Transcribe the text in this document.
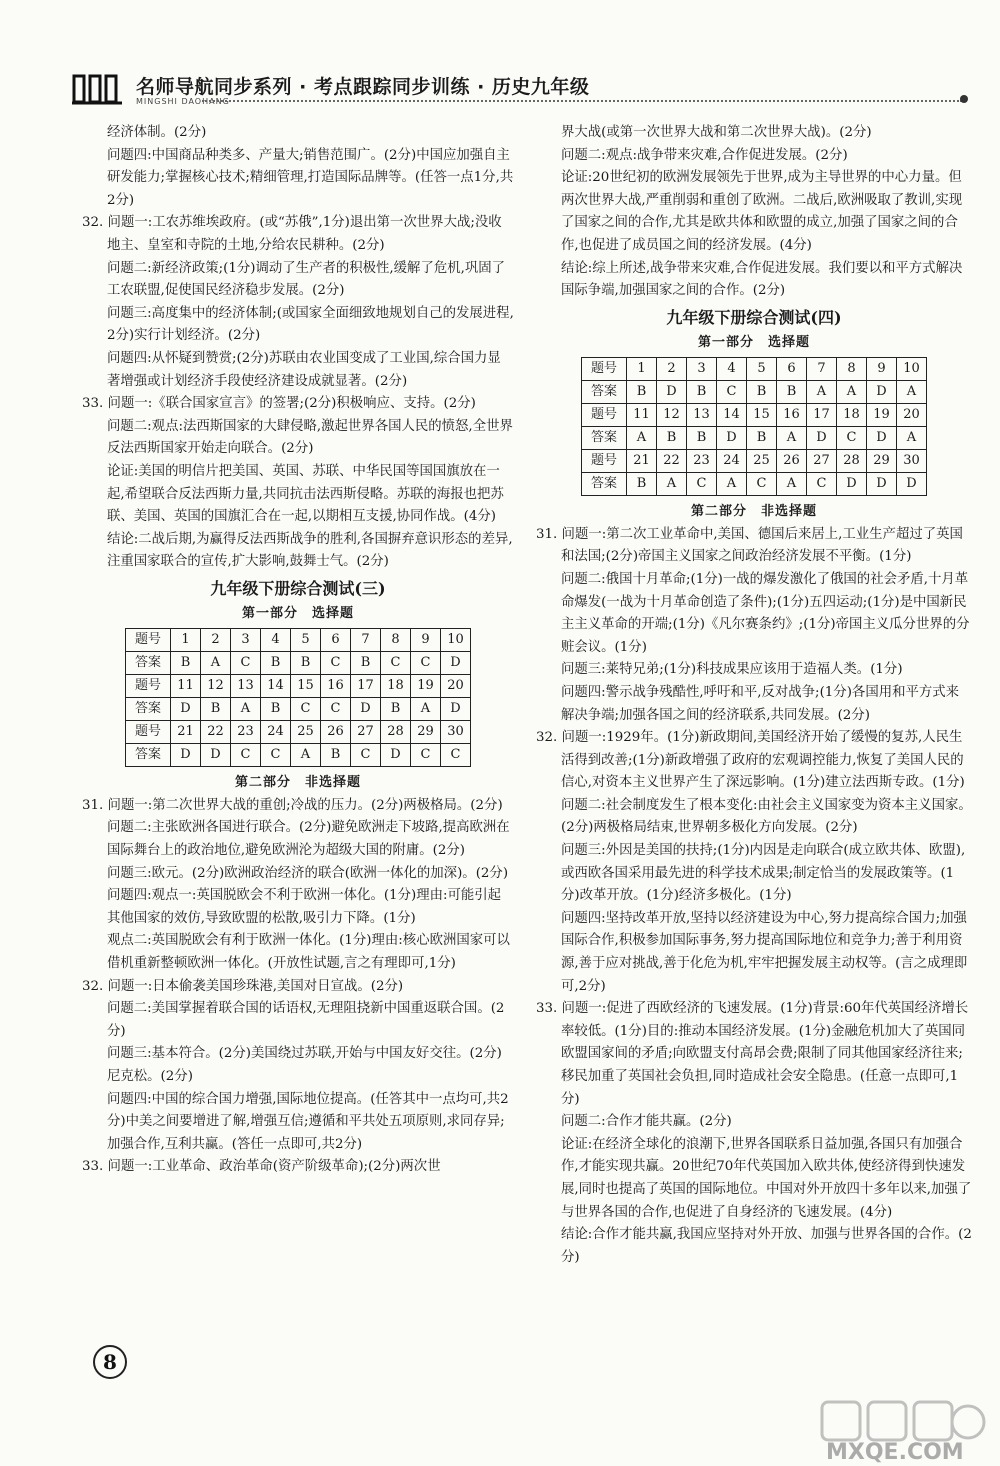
名师导航同步系列 · 考点跟踪同步训练 · 历史九年级
MINGSHI DAOHANG

经济体制。(2分)

问题四:中国商品种类多、产量大;销售范围广。(2分)中国应加强自主研发能力;掌握核心技术;精细管理,打造国际品牌等。(任答一点1分,共2分)

32. 问题一:工农苏维埃政府。(或“苏俄”,1分)退出第一次世界大战;没收地主、皇室和寺院的土地,分给农民耕种。(2分)

问题二:新经济政策;(1分)调动了生产者的积极性,缓解了危机,巩固了工农联盟,促使国民经济稳步发展。(2分)

问题三:高度集中的经济体制;(或国家全面细致地规划自己的发展进程,2分)实行计划经济。(2分)

问题四:从怀疑到赞赏;(2分)苏联由农业国变成了工业国,综合国力显著增强或计划经济手段使经济建设成就显著。(2分)

33. 问题一:《联合国家宣言》的签署;(2分)积极响应、支持。(2分)

问题二:观点:法西斯国家的大肆侵略,激起世界各国人民的愤怒,全世界反法西斯国家开始走向联合。(2分)

论证:美国的明信片把美国、英国、苏联、中华民国等国国旗放在一起,希望联合反法西斯力量,共同抗击法西斯侵略。苏联的海报也把苏联、美国、英国的国旗汇合在一起,以期相互支援,协同作战。(4分)

结论:二战后期,为赢得反法西斯战争的胜利,各国摒弃意识形态的差异,注重国家联合的宣传,扩大影响,鼓舞士气。(2分)

九年级下册综合测试(三)
第一部分　选择题
题号	1	2	3	4	5	6	7	8	9	10
答案	B	A	C	B	B	C	B	C	C	D
题号	11	12	13	14	15	16	17	18	19	20
答案	D	B	A	B	C	C	D	B	A	D
题号	21	22	23	24	25	26	27	28	29	30
答案	D	D	C	C	A	B	C	D	C	C
第二部分　非选择题

31. 问题一:第二次世界大战的重创;冷战的压力。(2分)两极格局。(2分)

问题二:主张欧洲各国进行联合。(2分)避免欧洲走下坡路,提高欧洲在国际舞台上的政治地位,避免欧洲沦为超级大国的附庸。(2分)

问题三:欧元。(2分)欧洲政治经济的联合(欧洲一体化的加深)。(2分)

问题四:观点一:英国脱欧会不利于欧洲一体化。(1分)理由:可能引起其他国家的效仿,导致欧盟的松散,吸引力下降。(1分)

观点二:英国脱欧会有利于欧洲一体化。(1分)理由:核心欧洲国家可以借机重新整顿欧洲一体化。(开放性试题,言之有理即可,1分)

32. 问题一:日本偷袭美国珍珠港,美国对日宣战。(2分)

问题二:美国掌握着联合国的话语权,无理阻挠新中国重返联合国。(2分)

问题三:基本符合。(2分)美国绕过苏联,开始与中国友好交往。(2分)尼克松。(2分)

问题四:中国的综合国力增强,国际地位提高。(任答其中一点均可,共2分)中美之间要增进了解,增强互信;遵循和平共处五项原则,求同存异;加强合作,互利共赢。(答任一点即可,共2分)

33. 问题一:工业革命、政治革命(资产阶级革命);(2分)两次世

界大战(或第一次世界大战和第二次世界大战)。(2分)

问题二:观点:战争带来灾难,合作促进发展。(2分)

论证:20世纪初的欧洲发展领先于世界,成为主导世界的中心力量。但两次世界大战,严重削弱和重创了欧洲。二战后,欧洲吸取了教训,实现了国家之间的合作,尤其是欧共体和欧盟的成立,加强了国家之间的合作,也促进了成员国之间的经济发展。(4分)

结论:综上所述,战争带来灾难,合作促进发展。我们要以和平方式解决国际争端,加强国家之间的合作。(2分)

九年级下册综合测试(四)
第一部分　选择题
题号	1	2	3	4	5	6	7	8	9	10
答案	B	D	B	C	B	B	A	A	D	A
题号	11	12	13	14	15	16	17	18	19	20
答案	A	B	B	D	B	A	D	C	D	A
题号	21	22	23	24	25	26	27	28	29	30
答案	B	A	C	A	C	A	C	D	D	D
第二部分　非选择题

31. 问题一:第二次工业革命中,美国、德国后来居上,工业生产超过了英国和法国;(2分)帝国主义国家之间政治经济发展不平衡。(1分)

问题二:俄国十月革命;(1分)一战的爆发激化了俄国的社会矛盾,十月革命爆发(一战为十月革命创造了条件);(1分)五四运动;(1分)是中国新民主主义革命的开端;(1分)《凡尔赛条约》;(1分)帝国主义瓜分世界的分赃会议。(1分)

问题三:莱特兄弟;(1分)科技成果应该用于造福人类。(1分)

问题四:警示战争残酷性,呼吁和平,反对战争;(1分)各国用和平方式来解决争端;加强各国之间的经济联系,共同发展。(2分)

32. 问题一:1929年。(1分)新政期间,美国经济开始了缓慢的复苏,人民生活得到改善;(1分)新政增强了政府的宏观调控能力,恢复了美国人民的信心,对资本主义世界产生了深远影响。(1分)建立法西斯专政。(1分)

问题二:社会制度发生了根本变化:由社会主义国家变为资本主义国家。(2分)两极格局结束,世界朝多极化方向发展。(2分)

问题三:外因是美国的扶持;(1分)内因是走向联合(成立欧共体、欧盟),或西欧各国采用最先进的科学技术成果;制定恰当的发展政策等。(1分)改革开放。(1分)经济多极化。(1分)

问题四:坚持改革开放,坚持以经济建设为中心,努力提高综合国力;加强国际合作,积极参加国际事务,努力提高国际地位和竞争力;善于利用资源,善于应对挑战,善于化危为机,牢牢把握发展主动权等。(言之成理即可,2分)

33. 问题一:促进了西欧经济的飞速发展。(1分)背景:60年代英国经济增长率较低。(1分)目的:推动本国经济发展。(1分)金融危机加大了英国同欧盟国家间的矛盾;向欧盟支付高昂会费;限制了同其他国家经济往来;移民加重了英国社会负担,同时造成社会安全隐患。(任意一点即可,1分)

问题二:合作才能共赢。(2分)

论证:在经济全球化的浪潮下,世界各国联系日益加强,各国只有加强合作,才能实现共赢。20世纪70年代英国加入欧共体,使经济得到快速发展,同时也提高了英国的国际地位。中国对外开放四十多年以来,加强了与世界各国的合作,也促进了自身经济的飞速发展。(4分)

结论:合作才能共赢,我国应坚持对外开放、加强与世界各国的合作。(2分)

8
MXQE.COM
